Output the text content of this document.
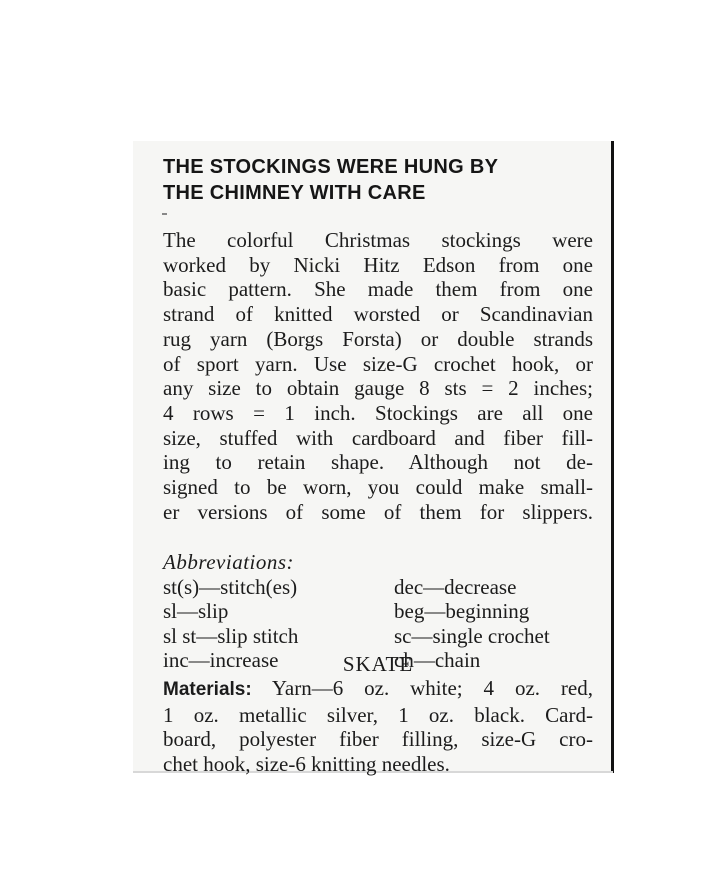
THE STOCKINGS WERE HUNG BY
THE CHIMNEY WITH CARE
The colorful Christmas stockings were
worked by Nicki Hitz Edson from one
basic pattern. She made them from one
strand of knitted worsted or Scandinavian
rug yarn (Borgs Forsta) or double strands
of sport yarn. Use size-G crochet hook, or
any size to obtain gauge 8 sts = 2 inches;
4 rows = 1 inch. Stockings are all one
size, stuffed with cardboard and fiber fill-
ing to retain shape. Although not de-
signed to be worn, you could make small-
er versions of some of them for slippers.
Abbreviations:
st(s)—stitch(es)	dec—decrease
sl—slip	beg—beginning
sl st—slip stitch	sc—single crochet
inc—increase	ch—chain
SKATE
Materials: Yarn—6 oz. white; 4 oz. red,
1 oz. metallic silver, 1 oz. black. Card-
board, polyester fiber filling, size-G cro-
chet hook, size-6 knitting needles.
